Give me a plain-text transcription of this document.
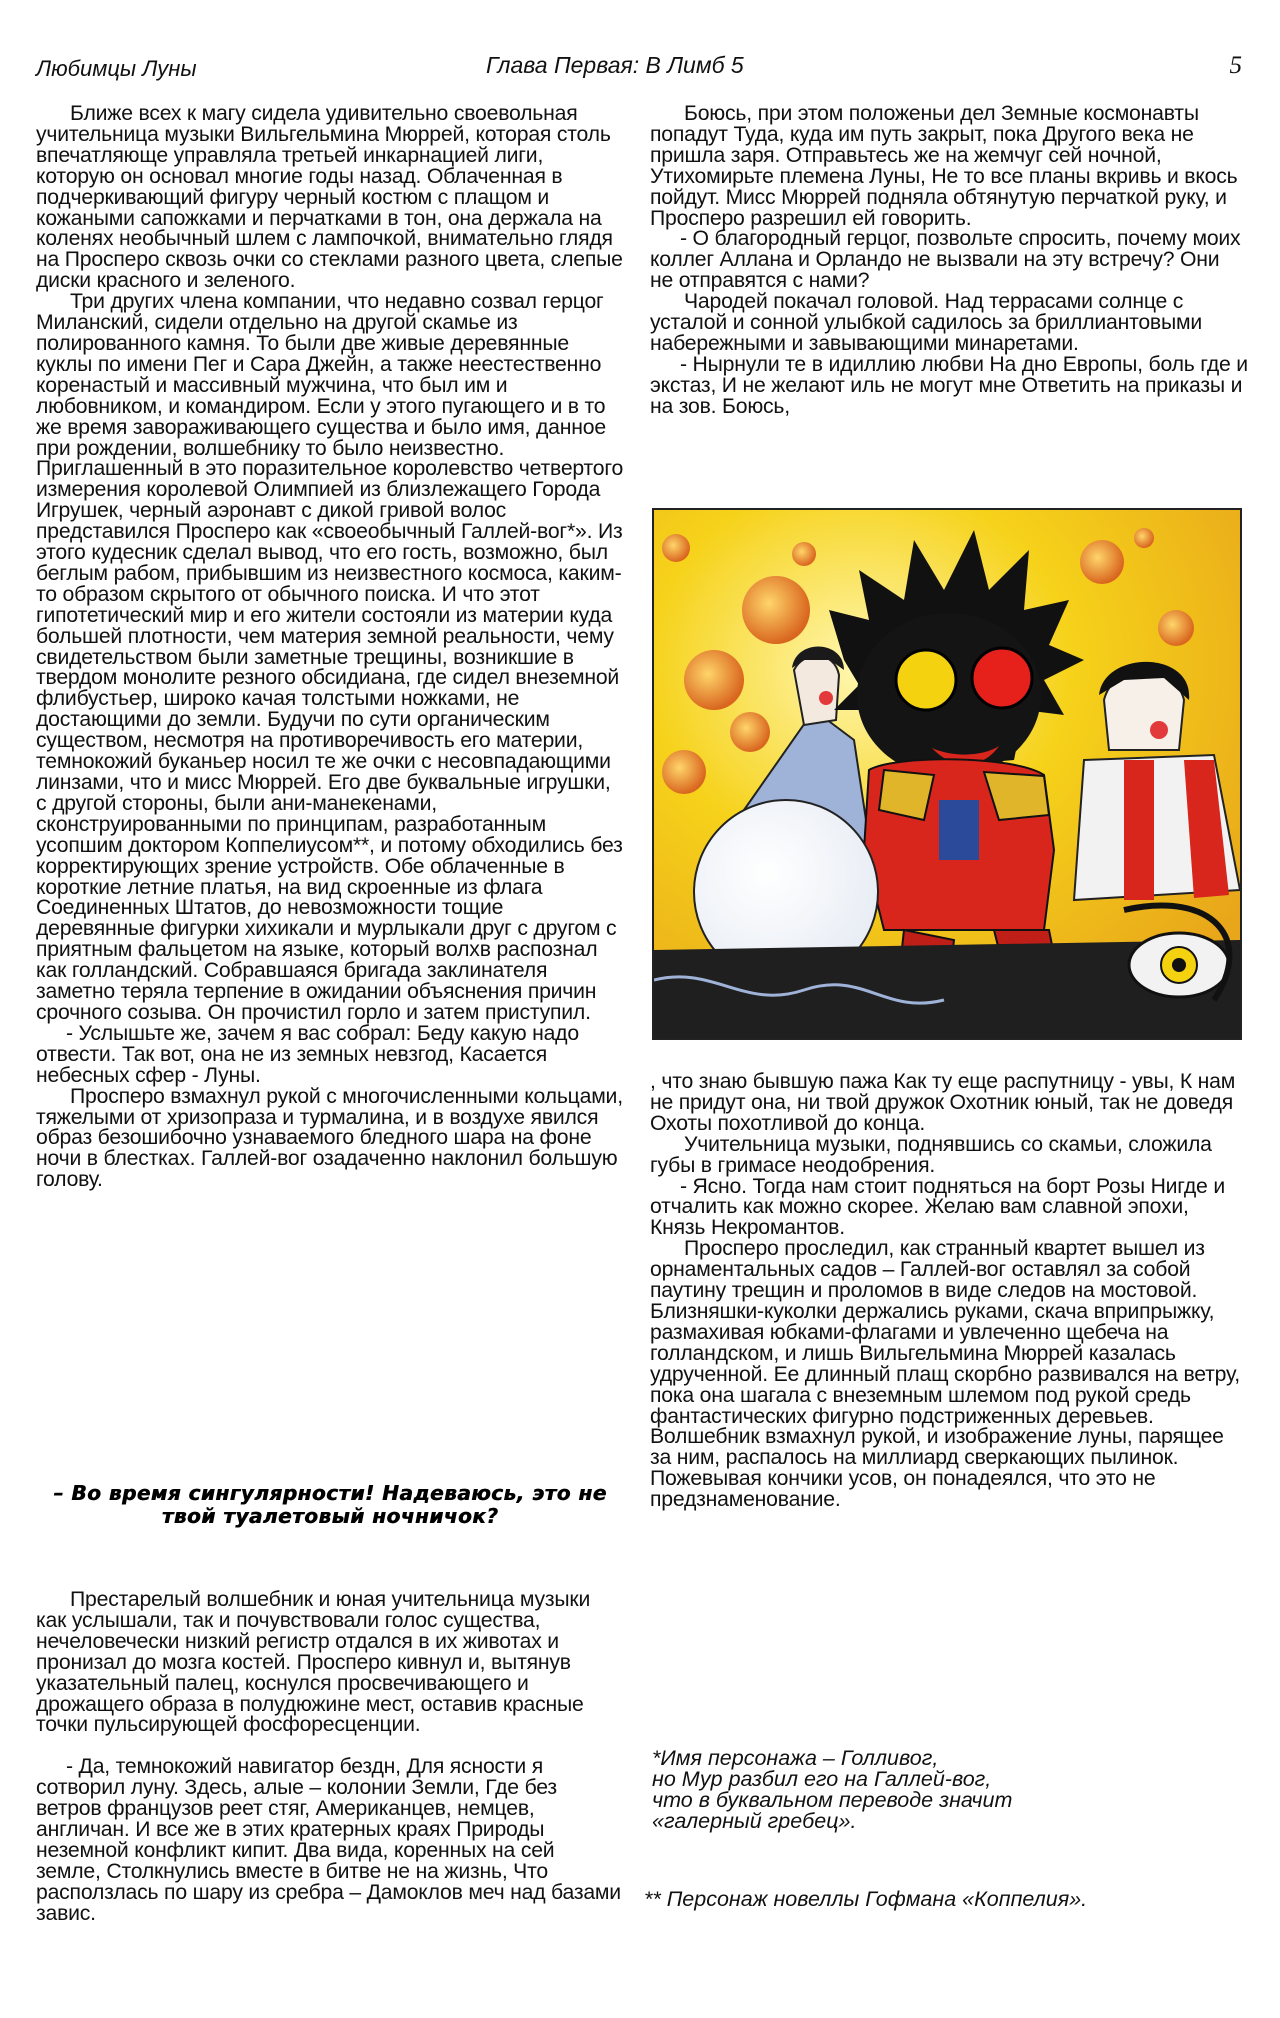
Любимцы Луны	Глава Первая: В Лимб 5	5

Ближе всех к магу сидела удивительно своевольная учительница музыки Вильгельмина Мюррей, которая столь впечатляюще управляла третьей инкарнацией лиги, которую он основал многие годы назад. Облаченная в подчеркивающий фигуру черный костюм с плащом и кожаными сапожками и перчатками в тон, она держала на коленях необычный шлем с лампочкой, внимательно глядя на Просперо сквозь очки со стеклами разного цвета, слепые диски красного и зеленого.

Три других члена компании, что недавно созвал герцог Миланский, сидели отдельно на другой скамье из полированного камня. То были две живые деревянные куклы по имени Пег и Сара Джейн, а также неестественно коренастый и массивный мужчина, что был им и любовником, и командиром. Если у этого пугающего и в то же время завораживающего существа и было имя, данное при рождении, волшебнику то было неизвестно. Приглашенный в это поразительное королевство четвертого измерения королевой Олимпией из близлежащего Города Игрушек, черный аэронавт с дикой гривой волос представился Просперо как «своеобычный Галлей-вог*». Из этого кудесник сделал вывод, что его гость, возможно, был беглым рабом, прибывшим из неизвестного космоса, каким-то образом скрытого от обычного поиска. И что этот гипотетический мир и его жители состояли из материи куда большей плотности, чем материя земной реальности, чему свидетельством были заметные трещины, возникшие в твердом монолите резного обсидиана, где сидел внеземной флибустьер, широко качая толстыми ножками, не достающими до земли. Будучи по сути органическим существом, несмотря на противоречивость его материи, темнокожий буканьер носил те же очки с несовпадающими линзами, что и мисс Мюррей. Его две буквальные игрушки, с другой стороны, были ани-манекенами, сконструированными по принципам, разработанным усопшим доктором Коппелиусом**, и потому обходились без корректирующих зрение устройств. Обе облаченные в короткие летние платья, на вид скроенные из флага Соединенных Штатов, до невозможности тощие деревянные фигурки хихикали и мурлыкали друг с другом с приятным фальцетом на языке, который волхв распознал как голландский. Собравшаяся бригада заклинателя заметно теряла терпение в ожидании объяснения причин срочного созыва. Он прочистил горло и затем приступил.

- Услышьте же, зачем я вас собрал: Беду какую надо отвести. Так вот, она не из земных невзгод, Касается небесных сфер - Луны.

Просперо взмахнул рукой с многочисленными кольцами, тяжелыми от хризопраза и турмалина, и в воздухе явился образ безошибочно узнаваемого бледного шара на фоне ночи в блестках. Галлей-вог озадаченно наклонил большую голову.

– Во время сингулярности! Надеваюсь, это не твой туалетовый ночничок?

Престарелый волшебник и юная учительница музыки как услышали, так и почувствовали голос существа, нечеловечески низкий регистр отдался в их животах и пронизал до мозга костей. Просперо кивнул и, вытянув указательный палец, коснулся просвечивающего и дрожащего образа в полудюжине мест, оставив красные точки пульсирующей фосфоресценции.

- Да, темнокожий навигатор бездн, Для ясности я сотворил луну. Здесь, алые – колонии Земли, Где без ветров французов реет стяг, Американцев, немцев, англичан. И все же в этих кратерных краях Природы неземной конфликт кипит. Два вида, коренных на сей земле, Столкнулись вместе в битве не на жизнь, Что расползлась по шару из сребра – Дамоклов меч над базами завис.

Боюсь, при этом положеньи дел Земные космонавты попадут Туда, куда им путь закрыт, пока Другого века не пришла заря. Отправьтесь же на жемчуг сей ночной, Утихомирьте племена Луны, Не то все планы вкривь и вкось пойдут. Мисс Мюррей подняла обтянутую перчаткой руку, и Просперо разрешил ей говорить.

- О благородный герцог, позвольте спросить, почему моих коллег Аллана и Орландо не вызвали на эту встречу? Они не отправятся с нами?

Чародей покачал головой. Над террасами солнце с усталой и сонной улыбкой садилось за бриллиантовыми набережными и завывающими минаретами.

- Нырнули те в идиллию любви На дно Европы, боль где и экстаз, И не желают иль не могут мне Ответить на приказы и на зов. Боюсь,

, что знаю бывшую пажа Как ту еще распутницу - увы, К нам не придут она, ни твой дружок Охотник юный, так не доведя Охоты похотливой до конца.

Учительница музыки, поднявшись со скамьи, сложила губы в гримасе неодобрения.

- Ясно. Тогда нам стоит подняться на борт Розы Нигде и отчалить как можно скорее. Желаю вам славной эпохи, Князь Некромантов.

Просперо проследил, как странный квартет вышел из орнаментальных садов – Галлей-вог оставлял за собой паутину трещин и проломов в виде следов на мостовой. Близняшки-куколки держались руками, скача вприпрыжку, размахивая юбками-флагами и увлеченно щебеча на голландском, и лишь Вильгельмина Мюррей казалась удрученной. Ее длинный плащ скорбно развивался на ветру, пока она шагала с внеземным шлемом под рукой средь фантастических фигурно подстриженных деревьев. Волшебник взмахнул рукой, и изображение луны, парящее за ним, распалось на миллиард сверкающих пылинок. Пожевывая кончики усов, он понадеялся, что это не предзнаменование.

*Имя персонажа – Голливог,

но Мур разбил его на Галлей-вог,

что в буквальном переводе значит

«галерный гребец».

** Персонаж новеллы Гофмана «Коппелия».
